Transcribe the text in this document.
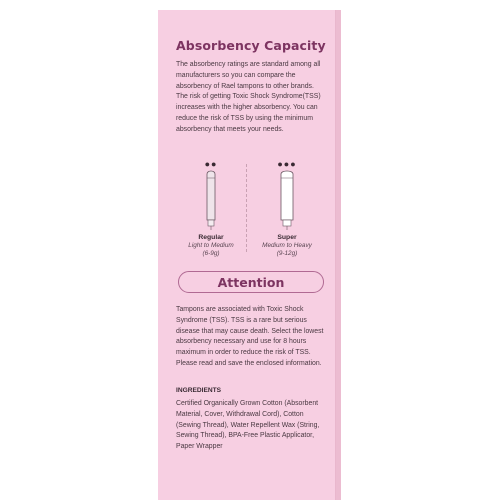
Absorbency Capacity
The absorbency ratings are standard among all manufacturers so you can compare the absorbency of Rael tampons to other brands. The risk of getting Toxic Shock Syndrome(TSS) increases with the higher absorbency. You can reduce the risk of TSS by using the minimum absorbency that meets your needs.
●●
Regular
Light to Medium
(6-9g)
●●●
Super
Medium to Heavy
(9-12g)
Attention
Tampons are associated with Toxic Shock Syndrome (TSS). TSS is a rare but serious disease that may cause death. Select the lowest absorbency necessary and use for 8 hours maximum in order to reduce the risk of TSS. Please read and save the enclosed information.
INGREDIENTS
Certified Organically Grown Cotton (Absorbent Material, Cover, Withdrawal Cord), Cotton (Sewing Thread), Water Repellent Wax (String, Sewing Thread), BPA-Free Plastic Applicator, Paper Wrapper
